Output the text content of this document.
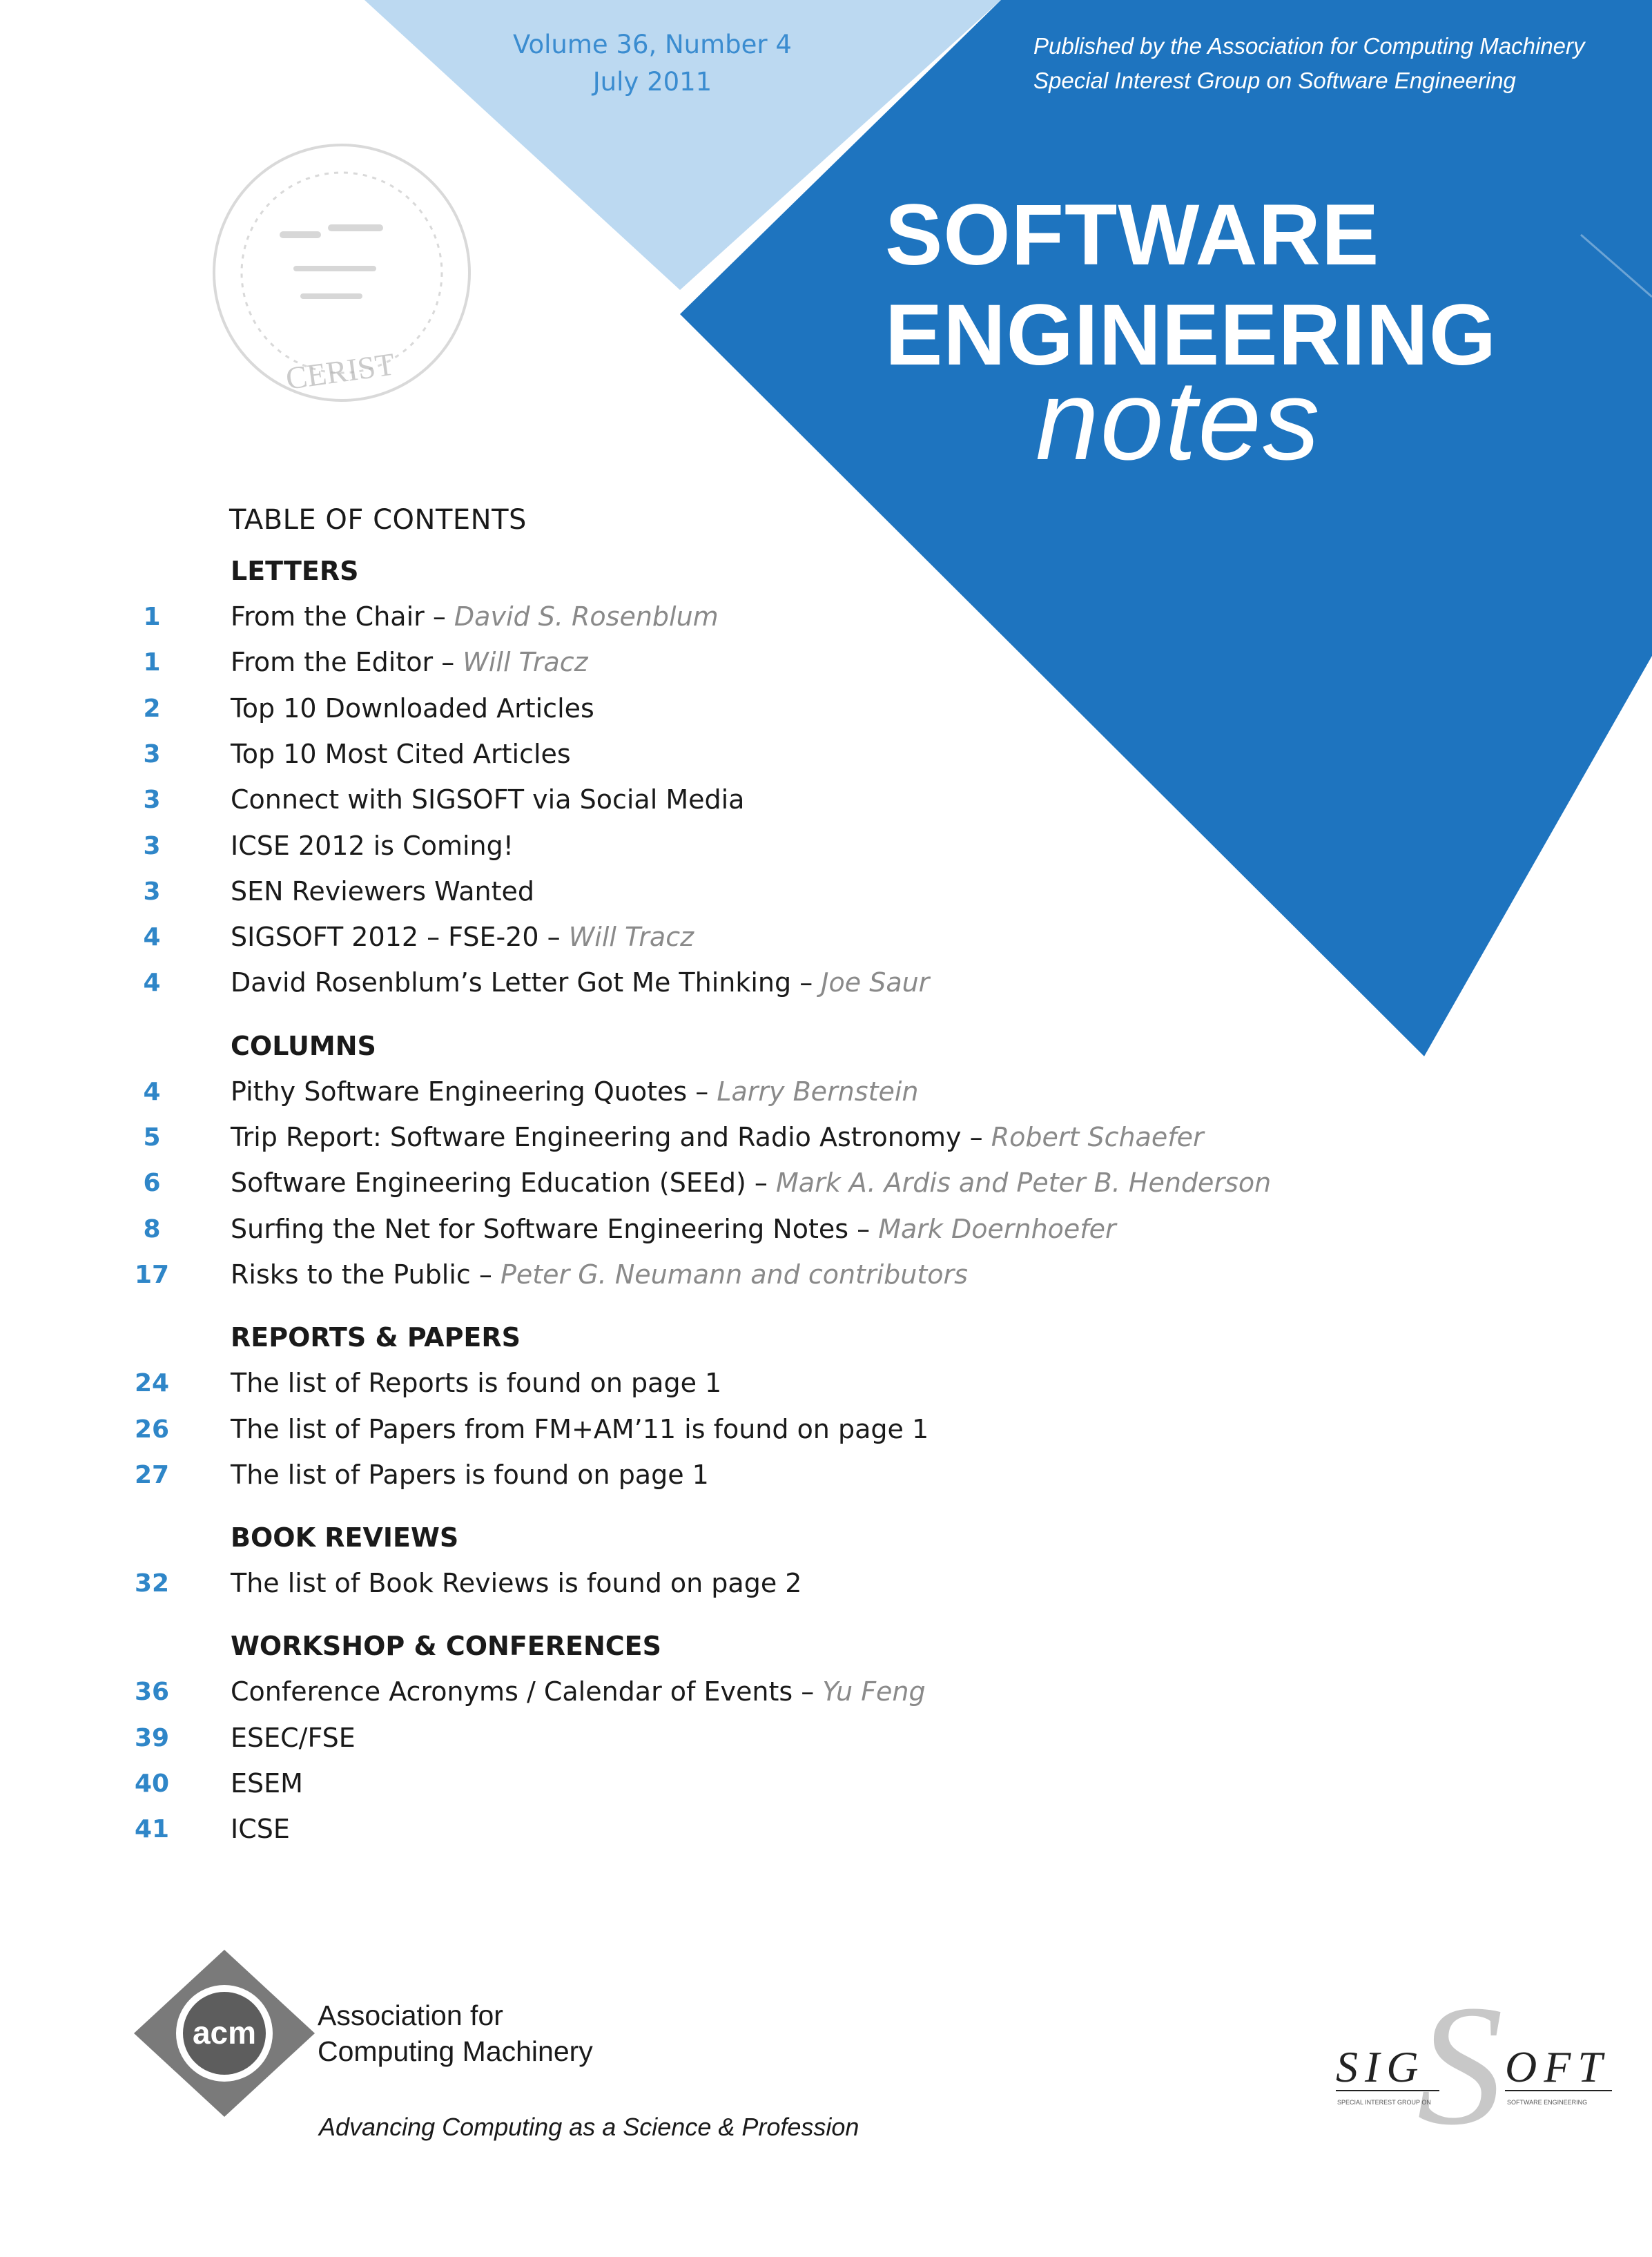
CERIST
Volume 36, Number 4
July 2011
Published by the Association for Computing Machinery
Special Interest Group on Software Engineering
SOFTWARE
ENGINEERING
notes
TABLE OF CONTENTS
LETTERS
1	From the Chair – David S. Rosenblum
1	From the Editor – Will Tracz
2	Top 10 Downloaded Articles
3	Top 10 Most Cited Articles
3	Connect with SIGSOFT via Social Media
3	ICSE 2012 is Coming!
3	SEN Reviewers Wanted
4	SIGSOFT 2012 – FSE-20 – Will Tracz
4	David Rosenblum’s Letter Got Me Thinking – Joe Saur
COLUMNS
4	Pithy Software Engineering Quotes – Larry Bernstein
5	Trip Report: Software Engineering and Radio Astronomy – Robert Schaefer
6	Software Engineering Education (SEEd) – Mark A. Ardis and Peter B. Henderson
8	Surfing the Net for Software Engineering Notes – Mark Doernhoefer
17	Risks to the Public – Peter G. Neumann and contributors
REPORTS & PAPERS
24	The list of Reports is found on page 1
26	The list of Papers from FM+AM’11 is found on page 1
27	The list of Papers is found on page 1
BOOK REVIEWS
32	The list of Book Reviews is found on page 2
WORKSHOP & CONFERENCES
36	Conference Acronyms / Calendar of Events – Yu Feng
39	ESEC/FSE
40	ESEM
41	ICSE
acm Association for
Computing Machinery
Advancing Computing as a Science & Profession	S
SIG OFT
SPECIAL INTEREST GROUP ON	SOFTWARE ENGINEERING
